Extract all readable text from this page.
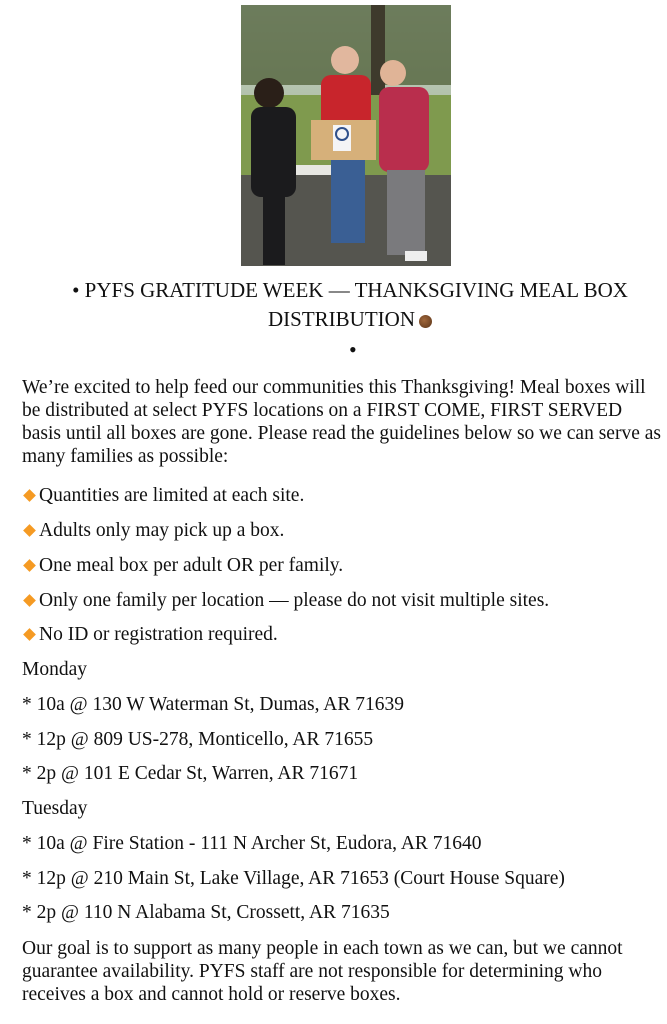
• PYFS GRATITUDE WEEK — THANKSGIVING MEAL BOX
DISTRIBUTION
•
We’re excited to help feed our communities this Thanksgiving! Meal boxes will be distributed at select PYFS locations on a FIRST COME, FIRST SERVED basis until all boxes are gone. Please read the guidelines below so we can serve as many families as possible:
Quantities are limited at each site.
Adults only may pick up a box.
One meal box per adult OR per family.
Only one family per location — please do not visit multiple sites.
No ID or registration required.
Monday
* 10a @ 130 W Waterman St, Dumas, AR 71639
* 12p @ 809 US-278, Monticello, AR 71655
* 2p @ 101 E Cedar St, Warren, AR 71671
Tuesday
* 10a @ Fire Station - 111 N Archer St, Eudora, AR 71640
* 12p @ 210 Main St, Lake Village, AR 71653 (Court House Square)
* 2p @ 110 N Alabama St, Crossett, AR 71635
Our goal is to support as many people in each town as we can, but we cannot guarantee availability. PYFS staff are not responsible for determining who receives a box and cannot hold or reserve boxes.
